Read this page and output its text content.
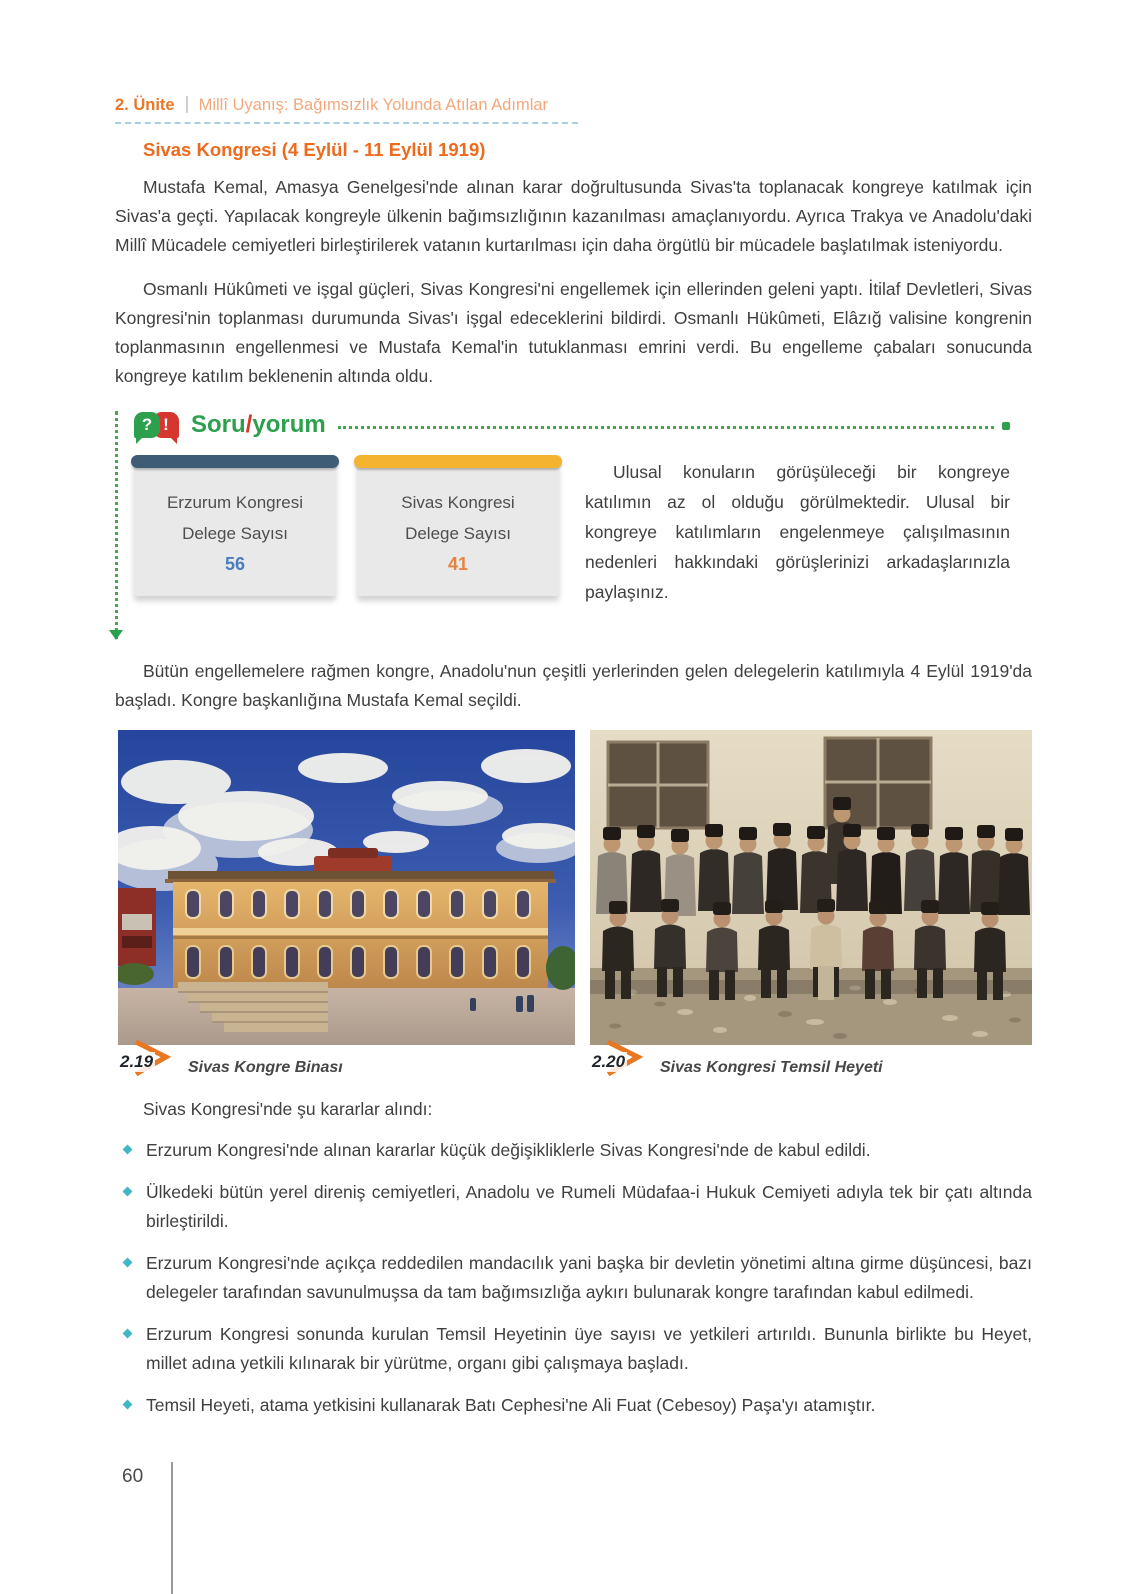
2. Ünite Millî Uyanış: Bağımsızlık Yolunda Atılan Adımlar
Sivas Kongresi (4 Eylül - 11 Eylül 1919)

Mustafa Kemal, Amasya Genelgesi'nde alınan karar doğrultusunda Sivas'ta toplanacak kongreye katılmak için Sivas'a geçti. Yapılacak kongreyle ülkenin bağımsızlığının kazanılması amaçlanıyordu. Ayrıca Trakya ve Anadolu'daki Millî Mücadele cemiyetleri birleştirilerek vatanın kurtarılması için daha örgütlü bir mücadele başlatılmak isteniyordu.

Osmanlı Hükûmeti ve işgal güçleri, Sivas Kongresi'ni engellemek için ellerinden geleni yaptı. İtilaf Devletleri, Sivas Kongresi'nin toplanması durumunda Sivas'ı işgal edeceklerini bildirdi. Osmanlı Hükûmeti, Elâzığ valisine kongrenin toplanmasının engellenmesi ve Mustafa Kemal'in tutuklanması emrini verdi. Bu engelleme çabaları sonucunda kongreye katılım beklenenin altında oldu.

? ! Soru/yorum
Erzurum Kongresi
Delege Sayısı
56
Sivas Kongresi
Delege Sayısı
41

Ulusal konuların görüşüleceği bir kongreye katılımın az ol olduğu görülmektedir. Ulusal bir kongreye katılımların engelenmeye çalışılmasının nedenleri hakkındaki görüşlerinizi arkadaşlarınızla paylaşınız.

Bütün engellemelere rağmen kongre, Anadolu'nun çeşitli yerlerinden gelen delegelerin katılımıyla 4 Eylül 1919'da başladı. Kongre başkanlığına Mustafa Kemal seçildi.

2.19 Sivas Kongre Binası	2.20 Sivas Kongresi Temsil Heyeti

Sivas Kongresi'nde şu kararlar alındı:

Erzurum Kongresi'nde alınan kararlar küçük değişikliklerle Sivas Kongresi'nde de kabul edildi.
Ülkedeki bütün yerel direniş cemiyetleri, Anadolu ve Rumeli Müdafaa-i Hukuk Cemiyeti adıyla tek bir çatı altında birleştirildi.
Erzurum Kongresi'nde açıkça reddedilen mandacılık yani başka bir devletin yönetimi altına girme düşüncesi, bazı delegeler tarafından savunulmuşsa da tam bağımsızlığa aykırı bulunarak kongre tarafından kabul edilmedi.
Erzurum Kongresi sonunda kurulan Temsil Heyetinin üye sayısı ve yetkileri artırıldı. Bununla birlikte bu Heyet, millet adına yetkili kılınarak bir yürütme, organı gibi çalışmaya başladı.
Temsil Heyeti, atama yetkisini kullanarak Batı Cephesi'ne Ali Fuat (Cebesoy) Paşa'yı atamıştır.
60
